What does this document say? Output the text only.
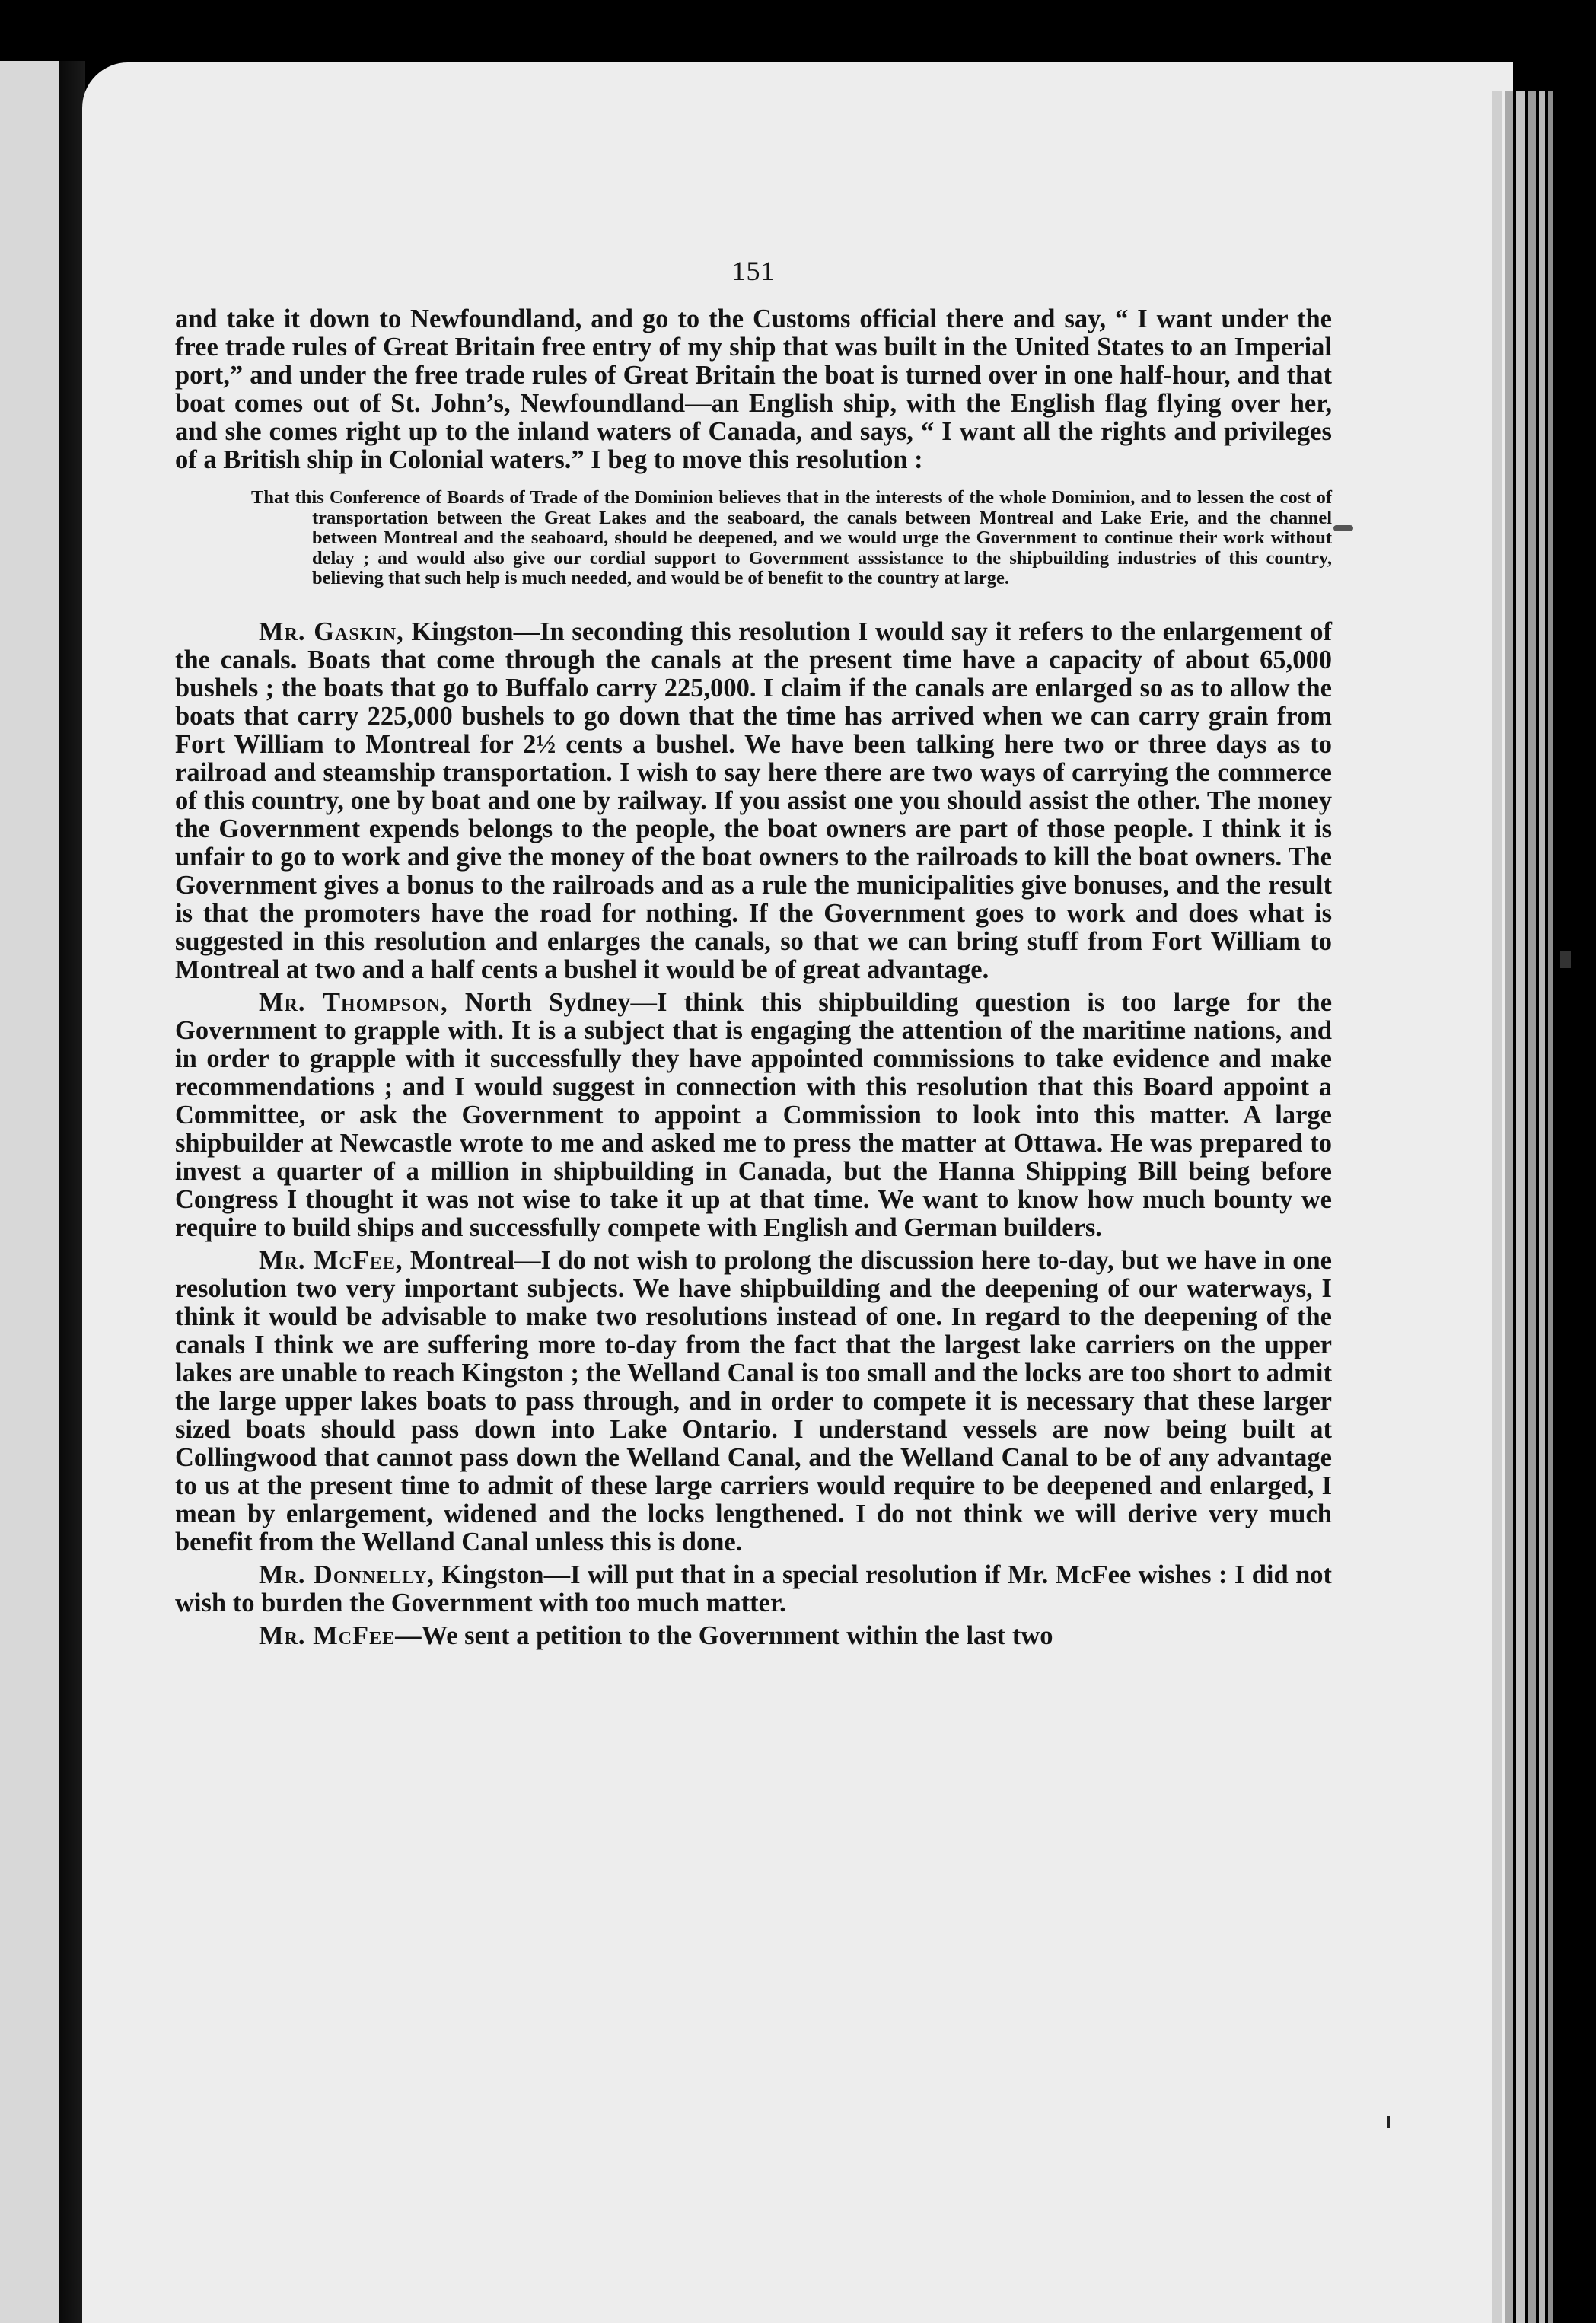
151

and take it down to Newfoundland, and go to the Customs official there and say, “ I want under the free trade rules of Great Britain free entry of my ship that was built in the United States to an Imperial port,” and under the free trade rules of Great Britain the boat is turned over in one half-hour, and that boat comes out of St. John’s, Newfoundland—an English ship, with the English flag flying over her, and she comes right up to the inland waters of Canada, and says, “ I want all the rights and privileges of a British ship in Colonial waters.” I beg to move this resolution :

That this Conference of Boards of Trade of the Dominion believes that in the interests of the whole Dominion, and to lessen the cost of transportation between the Great Lakes and the seaboard, the canals between Montreal and Lake Erie, and the channel between Montreal and the seaboard, should be deepened, and we would urge the Government to continue their work without delay ; and would also give our cordial support to Government asssistance to the shipbuilding industries of this country, believing that such help is much needed, and would be of benefit to the country at large.

Mr. Gaskin, Kingston—In seconding this resolution I would say it refers to the enlargement of the canals. Boats that come through the canals at the present time have a capacity of about 65,000 bushels ; the boats that go to Buffalo carry 225,000. I claim if the canals are enlarged so as to allow the boats that carry 225,000 bushels to go down that the time has arrived when we can carry grain from Fort William to Montreal for 2½ cents a bushel. We have been talking here two or three days as to railroad and steamship transportation. I wish to say here there are two ways of carrying the commerce of this country, one by boat and one by railway. If you assist one you should assist the other. The money the Government expends belongs to the people, the boat owners are part of those people. I think it is unfair to go to work and give the money of the boat owners to the railroads to kill the boat owners. The Government gives a bonus to the railroads and as a rule the municipalities give bonuses, and the result is that the promoters have the road for nothing. If the Government goes to work and does what is suggested in this resolution and enlarges the canals, so that we can bring stuff from Fort William to Montreal at two and a half cents a bushel it would be of great advantage.

Mr. Thompson, North Sydney—I think this shipbuilding question is too large for the Government to grapple with. It is a subject that is engaging the attention of the maritime nations, and in order to grapple with it successfully they have appointed commissions to take evidence and make recommendations ; and I would suggest in connection with this resolution that this Board appoint a Committee, or ask the Government to appoint a Commission to look into this matter. A large shipbuilder at Newcastle wrote to me and asked me to press the matter at Ottawa. He was prepared to invest a quarter of a million in shipbuilding in Canada, but the Hanna Shipping Bill being before Congress I thought it was not wise to take it up at that time. We want to know how much bounty we require to build ships and successfully compete with English and German builders.

Mr. McFee, Montreal—I do not wish to prolong the discussion here to-day, but we have in one resolution two very important subjects. We have shipbuilding and the deepening of our waterways, I think it would be advisable to make two resolutions instead of one. In regard to the deepening of the canals I think we are suffering more to-day from the fact that the largest lake carriers on the upper lakes are unable to reach Kingston ; the Welland Canal is too small and the locks are too short to admit the large upper lakes boats to pass through, and in order to compete it is necessary that these larger sized boats should pass down into Lake Ontario. I understand vessels are now being built at Collingwood that cannot pass down the Welland Canal, and the Welland Canal to be of any advantage to us at the present time to admit of these large carriers would require to be deepened and enlarged, I mean by enlargement, widened and the locks lengthened. I do not think we will derive very much benefit from the Welland Canal unless this is done.

Mr. Donnelly, Kingston—I will put that in a special resolution if Mr. McFee wishes : I did not wish to burden the Government with too much matter.

Mr. McFee—We sent a petition to the Government within the last two
